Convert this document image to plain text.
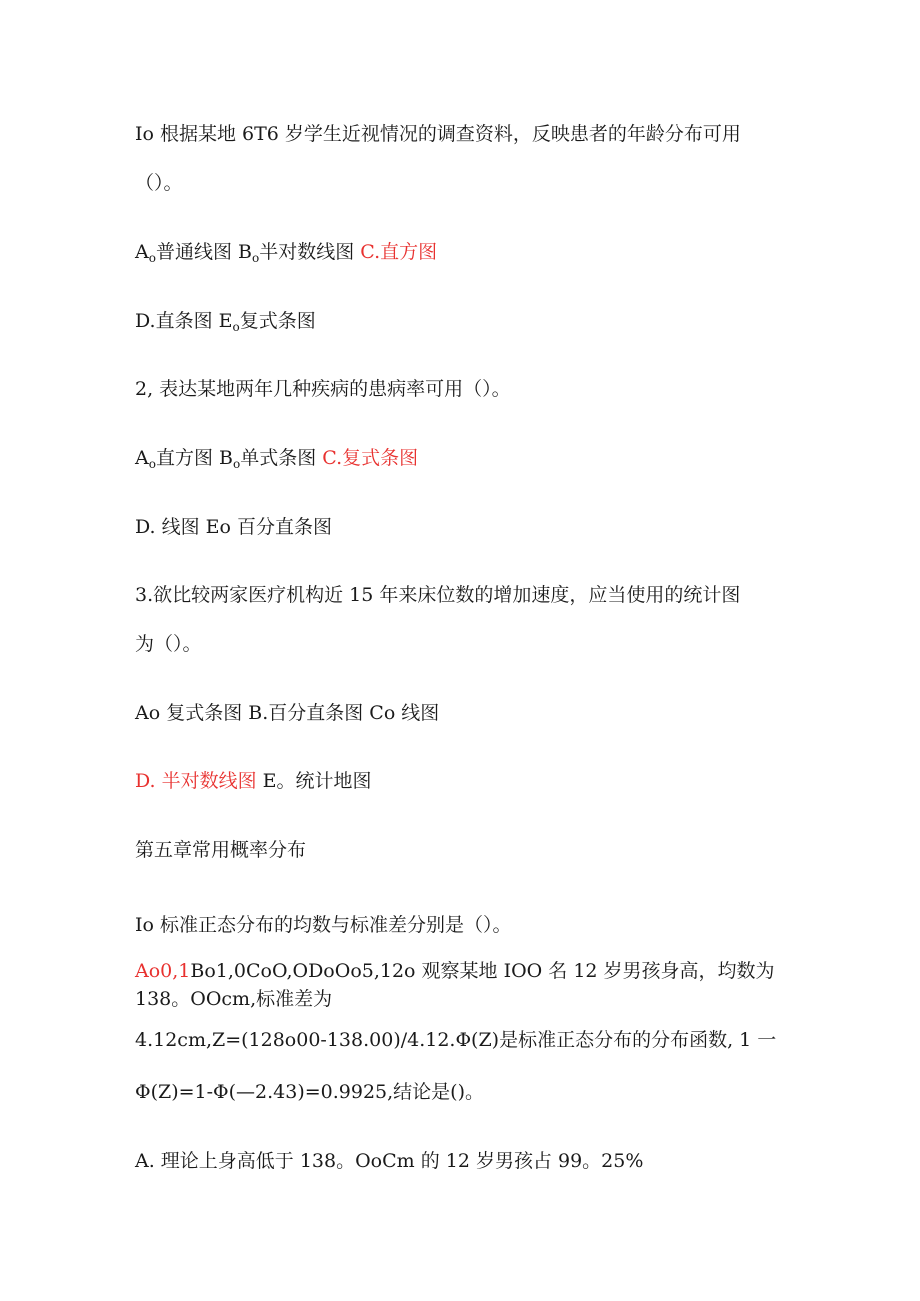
Io 根据某地 6T6 岁学生近视情况的调查资料，反映患者的年龄分布可用
（）。
$A_o$普通线图 $B_o$半对数线图 C.直方图
D.直条图 $E_o$复式条图
2, 表达某地两年几种疾病的患病率可用（）。
$A_o$直方图 $B_o$单式条图 C.复式条图
D. 线图 Eo 百分直条图
3.欲比较两家医疗机构近 15 年来床位数的增加速度，应当使用的统计图
为（）。
Ao 复式条图 B.百分直条图 Co 线图
D. 半对数线图 E。统计地图
第五章常用概率分布
Io 标准正态分布的均数与标准差分别是（）。
Ao0,1Bo1,0CoO,ODoOo5,12o 观察某地 IOO 名 12 岁男孩身高，均数为
138。OOcm,标准差为
4.12cm,Z=(128o00-138.00)/4.12.Φ(Z)是标准正态分布的分布函数, 1 一
Φ(Z)=1-Φ(—2.43)=0.9925,结论是()。
A. 理论上身高低于 138。OoCm 的 12 岁男孩占 99。25%
